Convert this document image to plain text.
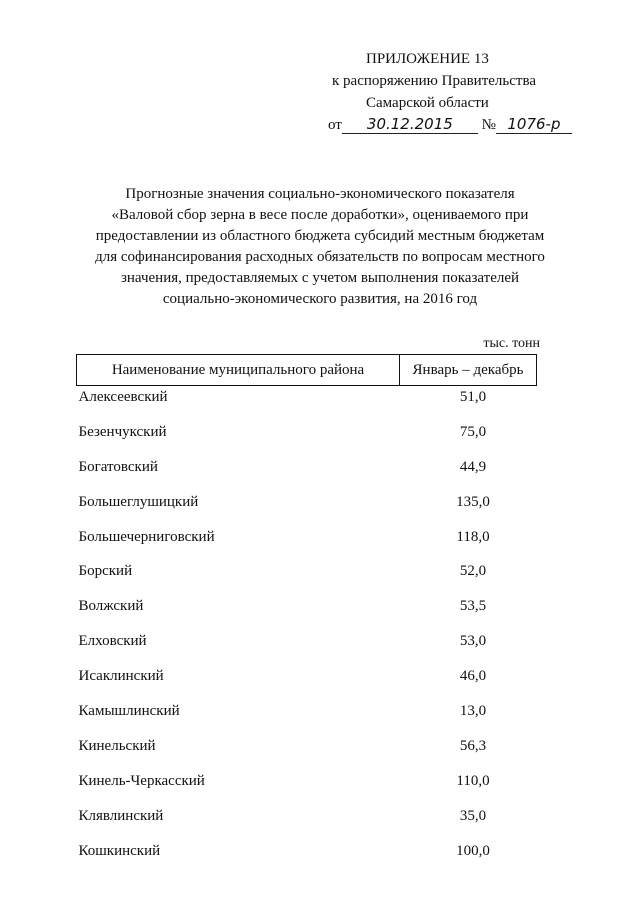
ПРИЛОЖЕНИЕ 13
к распоряжению Правительства
Самарской области
от 30.12.2015 № 1076-р
Прогнозные значения социально-экономического показателя
«Валовой сбор зерна в весе после доработки», оцениваемого при
предоставлении из областного бюджета субсидий местным бюджетам
для софинансирования расходных обязательств по вопросам местного
значения, предоставляемых с учетом выполнения показателей
социально-экономического развития, на 2016 год
тыс. тонн
Наименование муниципального района	Январь – декабрь
Алексеевский	51,0
Безенчукский	75,0
Богатовский	44,9
Большеглушицкий	135,0
Большечерниговский	118,0
Борский	52,0
Волжский	53,5
Елховский	53,0
Исаклинский	46,0
Камышлинский	13,0
Кинельский	56,3
Кинель-Черкасский	110,0
Клявлинский	35,0
Кошкинский	100,0
